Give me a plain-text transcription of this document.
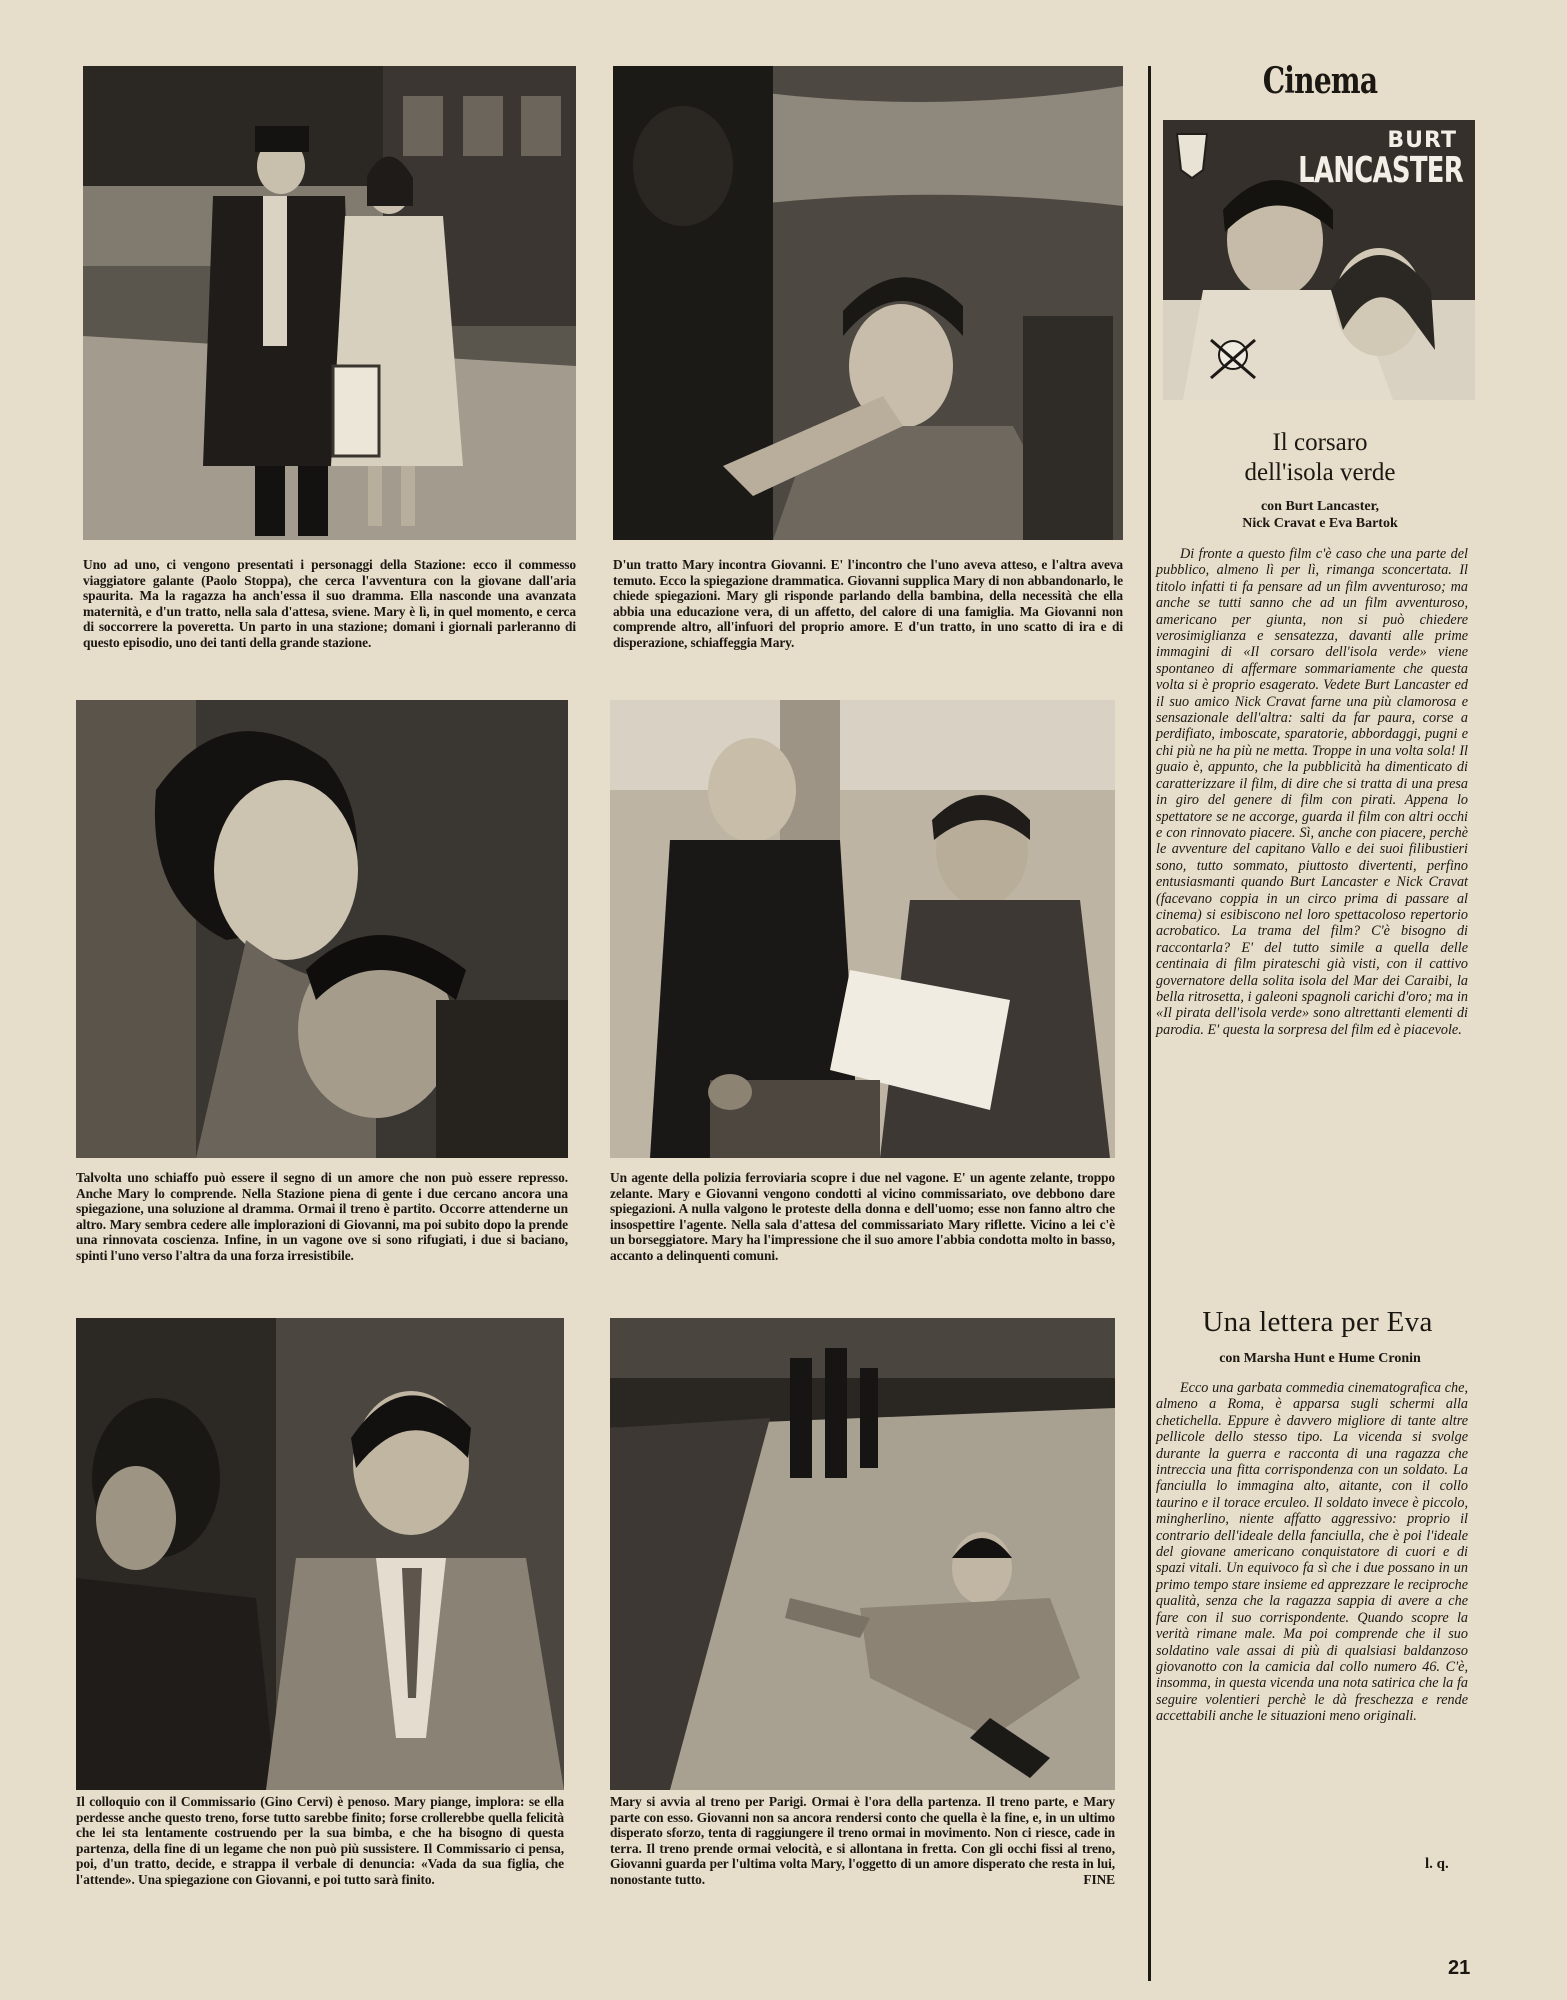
Uno ad uno, ci vengono presentati i personaggi della Stazione: ecco il commesso viaggiatore galante (Paolo Stoppa), che cerca l'avventura con la giovane dall'aria spaurita. Ma la ragazza ha anch'essa il suo dramma. Ella nasconde una avanzata maternità, e d'un tratto, nella sala d'attesa, sviene. Mary è lì, in quel momento, e cerca di soccorrere la poveretta. Un parto in una stazione; domani i giornali parleranno di questo episodio, uno dei tanti della grande stazione.

D'un tratto Mary incontra Giovanni. E' l'incontro che l'uno aveva atteso, e l'altra aveva temuto. Ecco la spiegazione drammatica. Giovanni supplica Mary di non abbandonarlo, le chiede spiegazioni. Mary gli risponde parlando della bambina, della necessità che ella abbia una educazione vera, di un affetto, del calore di una famiglia. Ma Giovanni non comprende altro, all'infuori del proprio amore. E d'un tratto, in uno scatto di ira e di disperazione, schiaffeggia Mary.

Talvolta uno schiaffo può essere il segno di un amore che non può essere represso. Anche Mary lo comprende. Nella Stazione piena di gente i due cercano ancora una spiegazione, una soluzione al dramma. Ormai il treno è partito. Occorre attenderne un altro. Mary sembra cedere alle implorazioni di Giovanni, ma poi subito dopo la prende una rinnovata coscienza. Infine, in un vagone ove si sono rifugiati, i due si baciano, spinti l'uno verso l'altra da una forza irresistibile.

Un agente della polizia ferroviaria scopre i due nel vagone. E' un agente zelante, troppo zelante. Mary e Giovanni vengono condotti al vicino commissariato, ove debbono dare spiegazioni. A nulla valgono le proteste della donna e dell'uomo; esse non fanno altro che insospettire l'agente. Nella sala d'attesa del commissariato Mary riflette. Vicino a lei c'è un borseggiatore. Mary ha l'impressione che il suo amore l'abbia condotta molto in basso, accanto a delinquenti comuni.

Il colloquio con il Commissario (Gino Cervi) è penoso. Mary piange, implora: se ella perdesse anche questo treno, forse tutto sarebbe finito; forse crollerebbe quella felicità che lei sta lentamente costruendo per la sua bimba, e che ha bisogno di questa partenza, della fine di un legame che non può più sussistere. Il Commissario ci pensa, poi, d'un tratto, decide, e strappa il verbale di denuncia: «Vada da sua figlia, che l'attende». Una spiegazione con Giovanni, e poi tutto sarà finito.

Mary si avvia al treno per Parigi. Ormai è l'ora della partenza. Il treno parte, e Mary parte con esso. Giovanni non sa ancora rendersi conto che quella è la fine, e, in un ultimo disperato sforzo, tenta di raggiungere il treno ormai in movimento. Non ci riesce, cade in terra. Il treno prende ormai velocità, e si allontana in fretta. Con gli occhi fissi al treno, Giovanni guarda per l'ultima volta Mary, l'oggetto di un amore disperato che resta in lui, nonostante tutto.	FINE

Cinema
BURT
LANCASTER
Il corsaro
dell'isola verde
con Burt Lancaster,
Nick Cravat e Eva Bartok

Di fronte a questo film c'è caso che una parte del pubblico, almeno lì per lì, rimanga sconcertata. Il titolo infatti ti fa pensare ad un film avventuroso; ma anche se tutti sanno che ad un film avventuroso, americano per giunta, non si può chiedere verosimiglianza e sensatezza, davanti alle prime immagini di «Il corsaro dell'isola verde» viene spontaneo di affermare sommariamente che questa volta si è proprio esagerato. Vedete Burt Lancaster ed il suo amico Nick Cravat farne una più clamorosa e sensazionale dell'altra: salti da far paura, corse a perdifiato, imboscate, sparatorie, abbordaggi, pugni e chi più ne ha più ne metta. Troppe in una volta sola! Il guaio è, appunto, che la pubblicità ha dimenticato di caratterizzare il film, di dire che si tratta di una presa in giro del genere di film con pirati. Appena lo spettatore se ne accorge, guarda il film con altri occhi e con rinnovato piacere. Sì, anche con piacere, perchè le avventure del capitano Vallo e dei suoi filibustieri sono, tutto sommato, piuttosto divertenti, perfino entusiasmanti quando Burt Lancaster e Nick Cravat (facevano coppia in un circo prima di passare al cinema) si esibiscono nel loro spettacoloso repertorio acrobatico. La trama del film? C'è bisogno di raccontarla? E' del tutto simile a quella delle centinaia di film pirateschi già visti, con il cattivo governatore della solita isola del Mar dei Caraibi, la bella ritrosetta, i galeoni spagnoli carichi d'oro; ma in «Il pirata dell'isola verde» sono altrettanti elementi di parodia. E' questa la sorpresa del film ed è piacevole.

Una lettera per Eva
con Marsha Hunt e Hume Cronin

Ecco una garbata commedia cinematografica che, almeno a Roma, è apparsa sugli schermi alla chetichella. Eppure è davvero migliore di tante altre pellicole dello stesso tipo. La vicenda si svolge durante la guerra e racconta di una ragazza che intreccia una fitta corrispondenza con un soldato. La fanciulla lo immagina alto, aitante, con il collo taurino e il torace erculeo. Il soldato invece è piccolo, mingherlino, niente affatto aggressivo: proprio il contrario dell'ideale della fanciulla, che è poi l'ideale del giovane americano conquistatore di cuori e di spazi vitali. Un equivoco fa sì che i due possano in un primo tempo stare insieme ed apprezzare le reciproche qualità, senza che la ragazza sappia di avere a che fare con il suo corrispondente. Quando scopre la verità rimane male. Ma poi comprende che il suo soldatino vale assai di più di qualsiasi baldanzoso giovanotto con la camicia dal collo numero 46. C'è, insomma, in questa vicenda una nota satirica che la fa seguire volentieri perchè le dà freschezza e rende accettabili anche le situazioni meno originali.

l. q.
21
